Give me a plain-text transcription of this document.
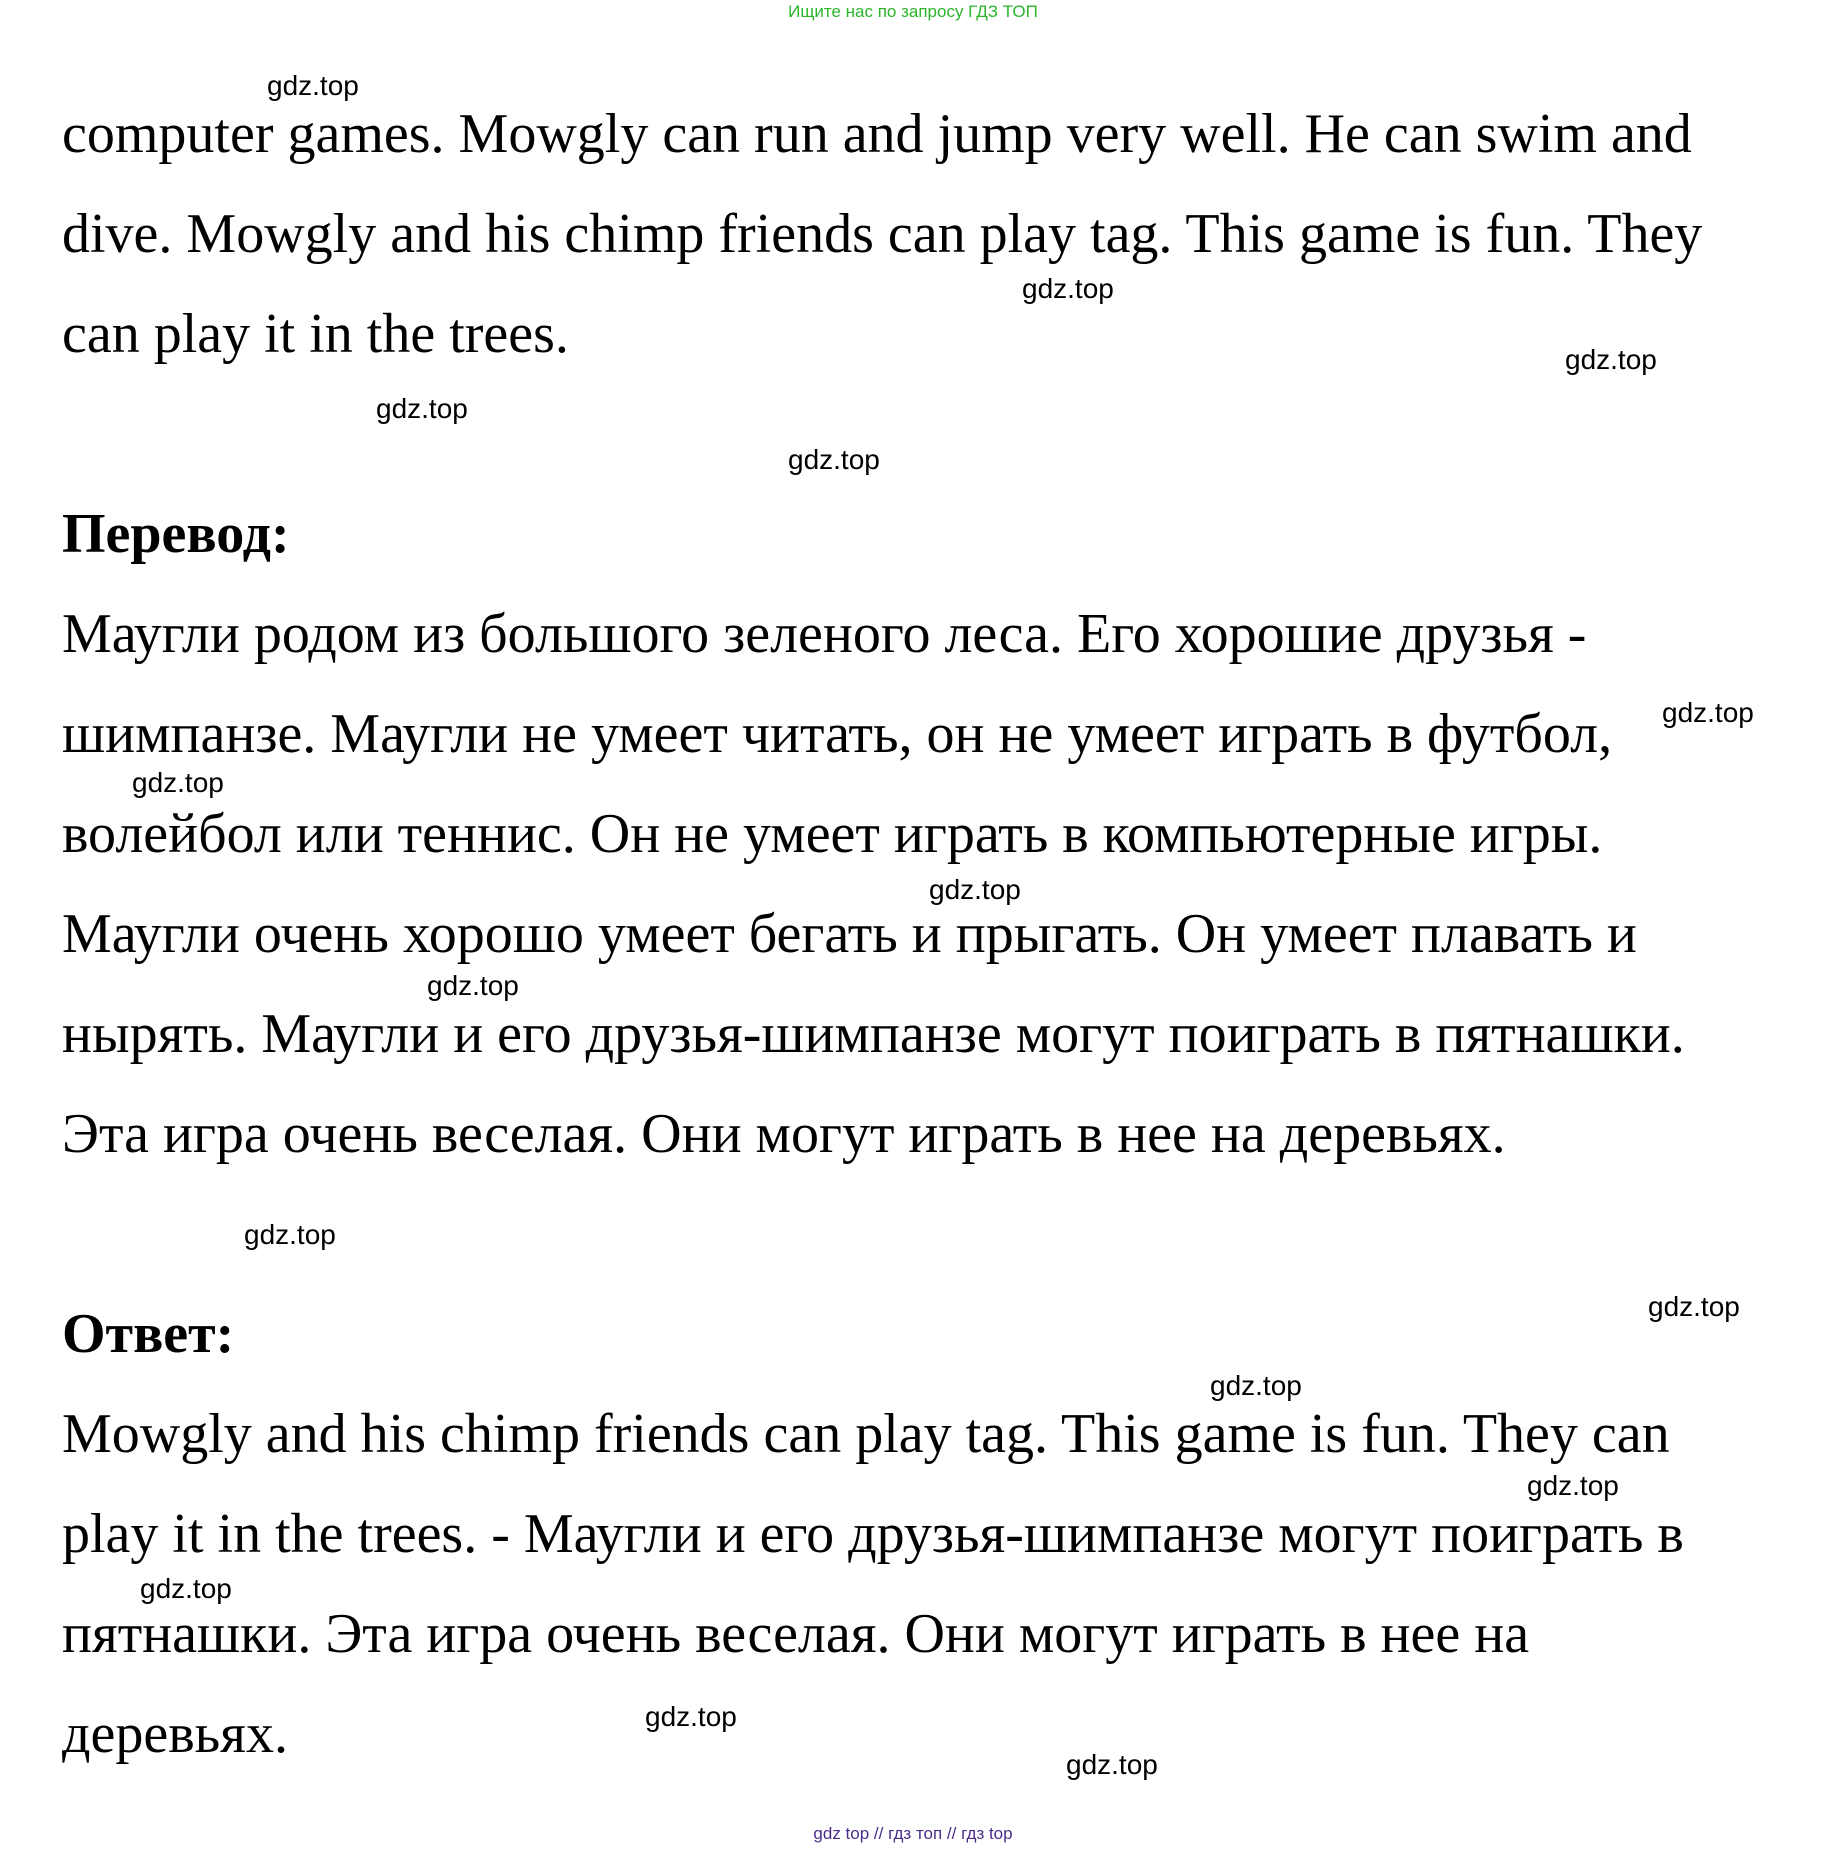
Ищите нас по запросу ГДЗ ТОП
computer games. Mowgly can run and jump very well. He can swim and
dive. Mowgly and his chimp friends can play tag. This game is fun. They
can play it in the trees.
Перевод:
Маугли родом из большого зеленого леса. Его хорошие друзья -
шимпанзе. Маугли не умеет читать, он не умеет играть в футбол,
волейбол или теннис. Он не умеет играть в компьютерные игры.
Маугли очень хорошо умеет бегать и прыгать. Он умеет плавать и
нырять. Маугли и его друзья-шимпанзе могут поиграть в пятнашки.
Эта игра очень веселая. Они могут играть в нее на деревьях.
Ответ:
Mowgly and his chimp friends can play tag. This game is fun. They can
play it in the trees. - Маугли и его друзья-шимпанзе могут поиграть в
пятнашки. Эта игра очень веселая. Они могут играть в нее на
деревьях.
gdz.top
gdz.top
gdz.top
gdz.top
gdz.top
gdz.top
gdz.top
gdz.top
gdz.top
gdz.top
gdz.top
gdz.top
gdz.top
gdz.top
gdz.top
gdz.top
gdz top // гдз топ // гдз top
